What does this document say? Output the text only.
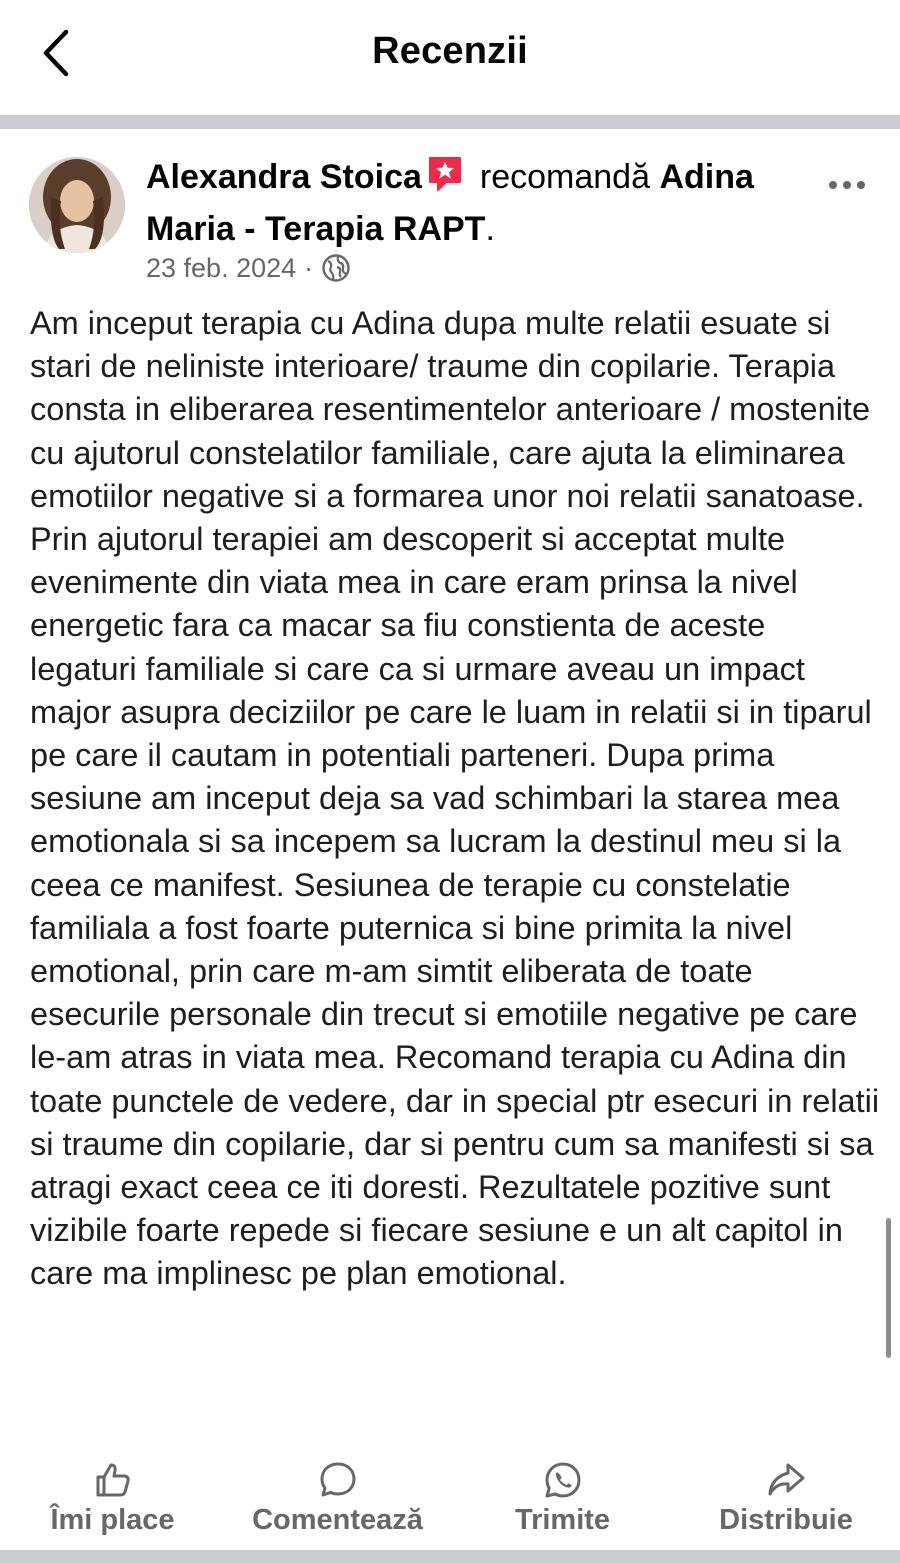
Recenzii
Alexandra Stoica recomandă Adina Maria - Terapia RAPT.
23 feb. 2024 ·

Am inceput terapia cu Adina dupa multe relatii esuate si stari de neliniste interioare/ traume din copilarie. Terapia consta in eliberarea resentimentelor anterioare / mostenite cu ajutorul constelatilor familiale, care ajuta la eliminarea emotiilor negative si a formarea unor noi relatii sanatoase. Prin ajutorul terapiei am descoperit si acceptat multe evenimente din viata mea in care eram prinsa la nivel energetic fara ca macar sa fiu constienta de aceste legaturi familiale si care ca si urmare aveau un impact major asupra deciziilor pe care le luam in relatii si in tiparul pe care il cautam in potentiali parteneri. Dupa prima sesiune am inceput deja sa vad schimbari la starea mea emotionala si sa incepem sa lucram la destinul meu si la ceea ce manifest. Sesiunea de terapie cu constelatie familiala a fost foarte puternica si bine primita la nivel emotional, prin care m-am simtit eliberata de toate esecurile personale din trecut si emotiile negative pe care le-am atras in viata mea. Recomand terapia cu Adina din toate punctele de vedere, dar in special ptr esecuri in relatii si traume din copilarie, dar si pentru cum sa manifesti si sa atragi exact ceea ce iti doresti. Rezultatele pozitive sunt vizibile foarte repede si fiecare sesiune e un alt capitol in care ma implinesc pe plan emotional.

Îmi place	Comentează	Trimite	Distribuie
